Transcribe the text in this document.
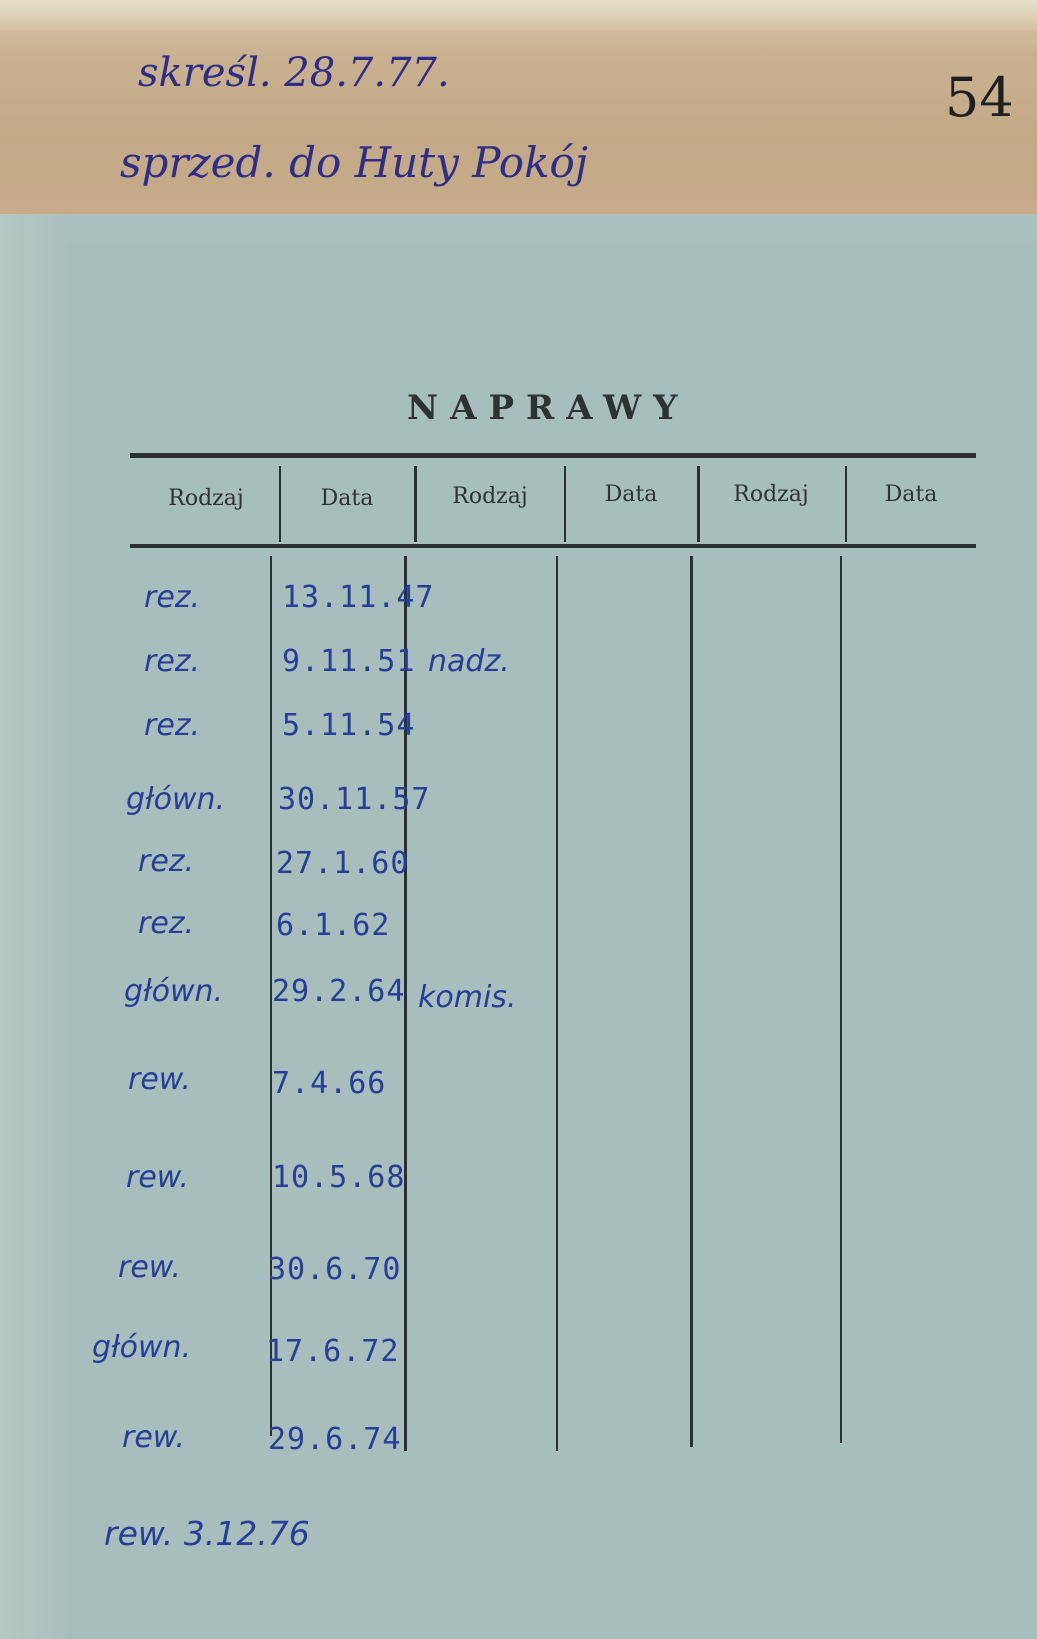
skreśl. 28.7.77.
sprzed. do Huty Pokój
54
NAPRAWY
Rodzaj	Data	Rodzaj	Data	Rodzaj	Data
rez.	13.11.47
rez.	9.11.51 nadz.
rez.	5.11.54
główn. 30.11.57
rez.	27.1.60
rez.	6.1.62
główn. 29.2.64 komis.
rew.	7.4.66
rew.	10.5.68
rew.	30.6.70
główn. 17.6.72
rew.	29.6.74
rew. 3.12.76
